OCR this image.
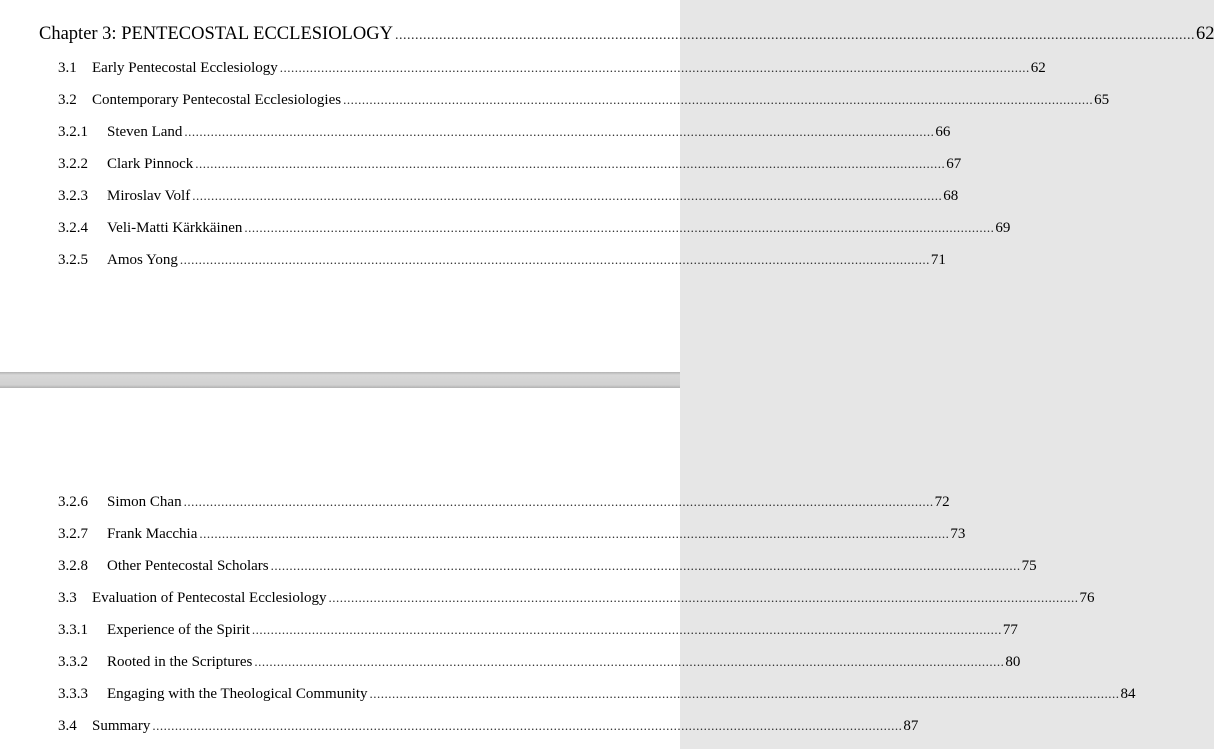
Chapter 3: PENTECOSTAL ECCLESIOLOGY ........................................................................................................................................................................................................ 62
3.1	Early Pentecostal Ecclesiology ........................................................................................................................................................................................................ 62
3.2	Contemporary Pentecostal Ecclesiologies ........................................................................................................................................................................................................ 65
3.2.1	Steven Land ........................................................................................................................................................................................................ 66
3.2.2	Clark Pinnock ........................................................................................................................................................................................................ 67
3.2.3	Miroslav Volf ........................................................................................................................................................................................................ 68
3.2.4	Veli-Matti Kärkkäinen ........................................................................................................................................................................................................ 69
3.2.5	Amos Yong ........................................................................................................................................................................................................ 71
3.2.6	Simon Chan ........................................................................................................................................................................................................ 72
3.2.7	Frank Macchia ........................................................................................................................................................................................................ 73
3.2.8	Other Pentecostal Scholars ........................................................................................................................................................................................................ 75
3.3	Evaluation of Pentecostal Ecclesiology ........................................................................................................................................................................................................ 76
3.3.1	Experience of the Spirit ........................................................................................................................................................................................................ 77
3.3.2	Rooted in the Scriptures ........................................................................................................................................................................................................ 80
3.3.3	Engaging with the Theological Community ........................................................................................................................................................................................................ 84
3.4	Summary ........................................................................................................................................................................................................ 87
